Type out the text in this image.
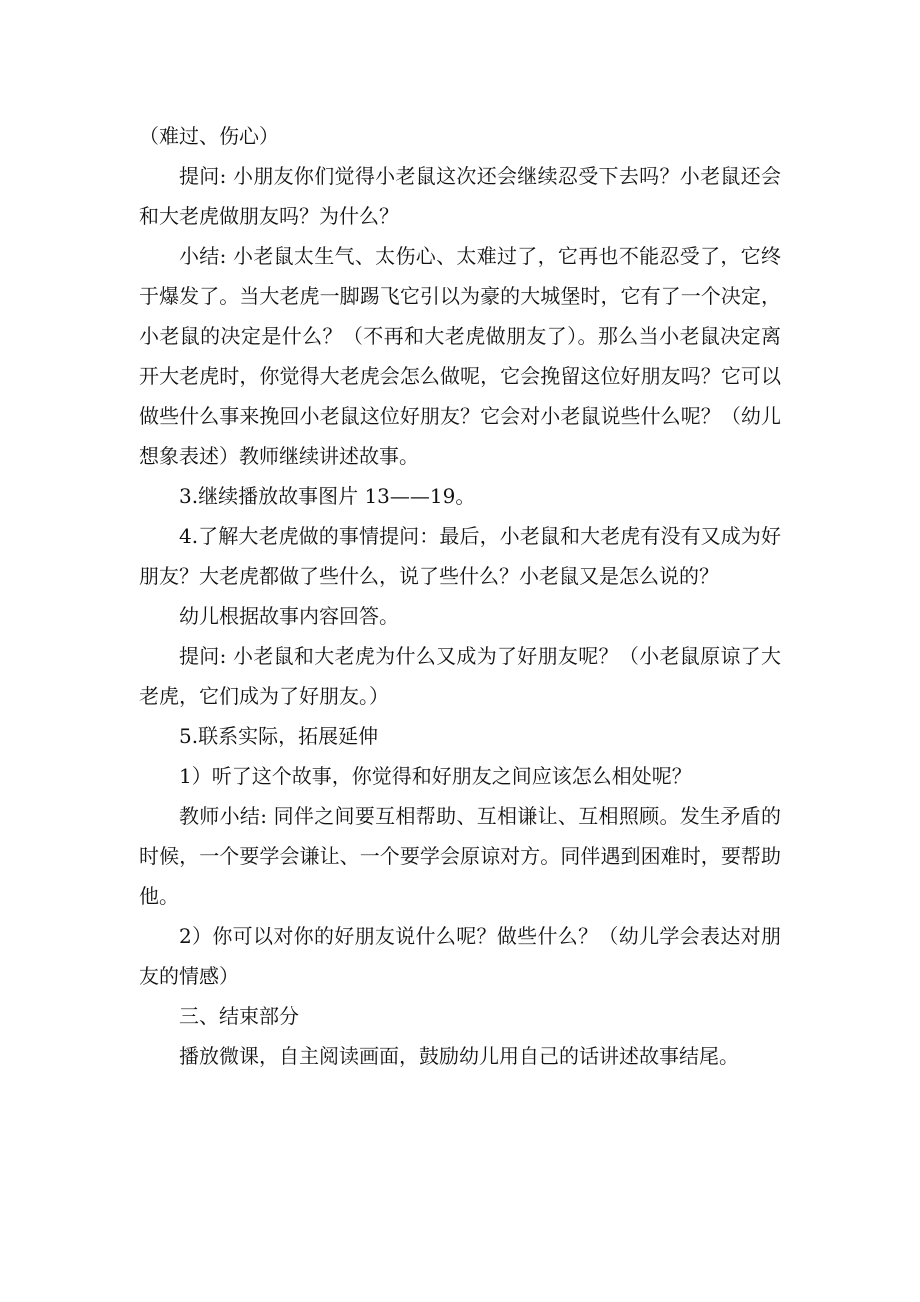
（难过、伤心）

提问: 小朋友你们觉得小老鼠这次还会继续忍受下去吗？小老鼠还会和大老虎做朋友吗？为什么？

小结: 小老鼠太生气、太伤心、太难过了，它再也不能忍受了，它终于爆发了。当大老虎一脚踢飞它引以为豪的大城堡时，它有了一个决定，小老鼠的决定是什么？（不再和大老虎做朋友了）。那么当小老鼠决定离开大老虎时，你觉得大老虎会怎么做呢，它会挽留这位好朋友吗？它可以做些什么事来挽回小老鼠这位好朋友？它会对小老鼠说些什么呢？（幼儿想象表述）教师继续讲述故事。

3.继续播放故事图片 13——19。

4.了解大老虎做的事情提问：最后，小老鼠和大老虎有没有又成为好朋友？大老虎都做了些什么，说了些什么？小老鼠又是怎么说的？

幼儿根据故事内容回答。

提问: 小老鼠和大老虎为什么又成为了好朋友呢？（小老鼠原谅了大老虎，它们成为了好朋友。）

5.联系实际，拓展延伸

1）听了这个故事，你觉得和好朋友之间应该怎么相处呢？

教师小结: 同伴之间要互相帮助、互相谦让、互相照顾。发生矛盾的时候，一个要学会谦让、一个要学会原谅对方。同伴遇到困难时，要帮助他。

2）你可以对你的好朋友说什么呢？做些什么？（幼儿学会表达对朋友的情感）

三、结束部分

播放微课，自主阅读画面，鼓励幼儿用自己的话讲述故事结尾。
